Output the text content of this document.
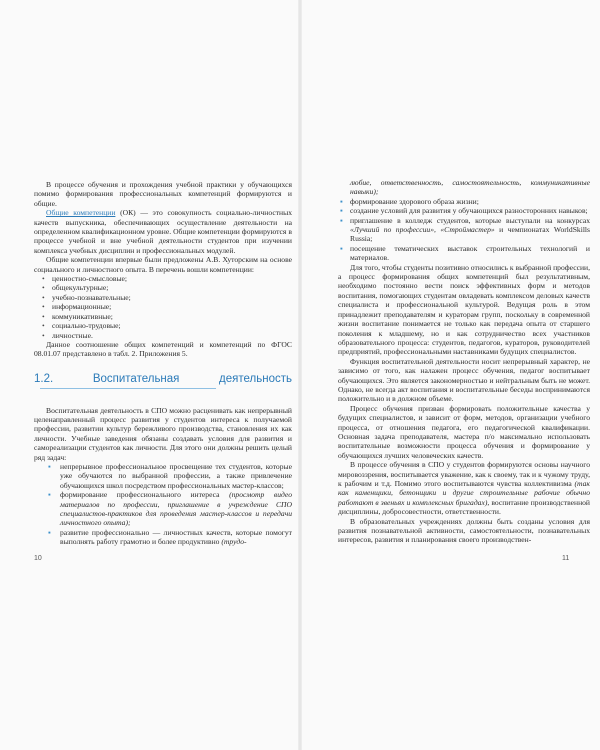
В процессе обучения и прохождения учебной практики у обучающихся помимо формирования профессиональных компетенций формируются и общие.

Общие компетенции (ОК) — это совокупность социально-личностных качеств выпускника, обеспечивающих осуществление деятельности на определенном квалификационном уровне. Общие компетенции формируются в процессе учебной и вне учебной деятельности студентов при изучении комплекса учебных дисциплин и профессиональных модулей.

Общие компетенции впервые были предложены А.В. Хуторским на основе социального и личностного опыта. В перечень вошли компетенции:

• ценностно-смысловые;
• общекультурные;
• учебно-познавательные;
• информационные;
• коммуникативные;
• социально-трудовые;
• личностные.

Данное соотношение общих компетенций и компетенций по ФГОС 08.01.07 представлено в табл. 2. Приложения 5.

1.2. Воспитательная деятельность

Воспитательная деятельность в СПО можно расценивать как непрерывный целенаправленный процесс развития у студентов интереса к получаемой профессии, развитии культур бережливого производства, становления их как личности. Учебные заведения обязаны создавать условия для развития и самореализации студентов как личности. Для этого они должны решить целый ряд задач:

▪ непрерывное профессиональное просвещение тех студентов, которые уже обучаются по выбранной профессии, а также привлечение обучающихся школ посредством профессиональных мастер-классов;
▪ формирование профессионального интереса (просмотр видео материалов по профессии, приглашение в учреждение СПО специалистов-практиков для проведения мастер-классов и передачи личностного опыта);
▪ развитие профессионально — личностных качеств, которые помогут выполнять работу грамотно и более продуктивно (трудо-
10

любие, ответственность, самостоятельность, коммуникативные навыки);

▪ формирование здорового образа жизни;
▪ создание условий для развития у обучающихся разносторонних навыков;
▪ приглашение в колледж студентов, которые выступали на конкурсах «Лучший по профессии», «Строймастер» и чемпионатах WorldSkills Russia;
▪ посещение тематических выставок строительных технологий и материалов.

Для того, чтобы студенты позитивно относились к выбранной профессии, а процесс формирования общих компетенций был результативным, необходимо постоянно вести поиск эффективных форм и методов воспитания, помогающих студентам овладевать комплексом деловых качеств специалиста и профессиональной культурой. Ведущая роль в этом принадлежит преподавателям и кураторам групп, поскольку в современной жизни воспитание понимается не только как передача опыта от старшего поколения к младшему, но и как сотрудничество всех участников образовательного процесса: студентов, педагогов, кураторов, руководителей предприятий, профессиональными наставниками будущих специалистов.

Функция воспитательной деятельности носит непрерывный характер, не зависимо от того, как налажен процесс обучения, педагог воспитывает обучающихся. Это является закономерностью и нейтральным быть не может. Однако, не всегда акт воспитания и воспитательные беседы воспринимаются положительно и в должном объеме.

Процесс обучения призван формировать положительные качества у будущих специалистов, и зависит от форм, методов, организации учебного процесса, от отношения педагога, его педагогической квалификации. Основная задача преподавателя, мастера п/о максимально использовать воспитательные возможности процесса обучения и формирование у обучающихся лучших человеческих качеств.

В процессе обучения в СПО у студентов формируются основы научного мировоззрения, воспитывается уважение, как к своему, так и к чужому труду, к рабочим и т.д. Помимо этого воспитываются чувства коллективизма (так как каменщики, бетонщики и другие строительные рабочие обычно работают в звеньях и комплексных бригадах), воспитание производственной дисциплины, добросовестности, ответственности.

В образовательных учреждениях должны быть созданы условия для развития познавательной активности, самостоятельности, познавательных интересов, развития и планирования своего производствен-

11
